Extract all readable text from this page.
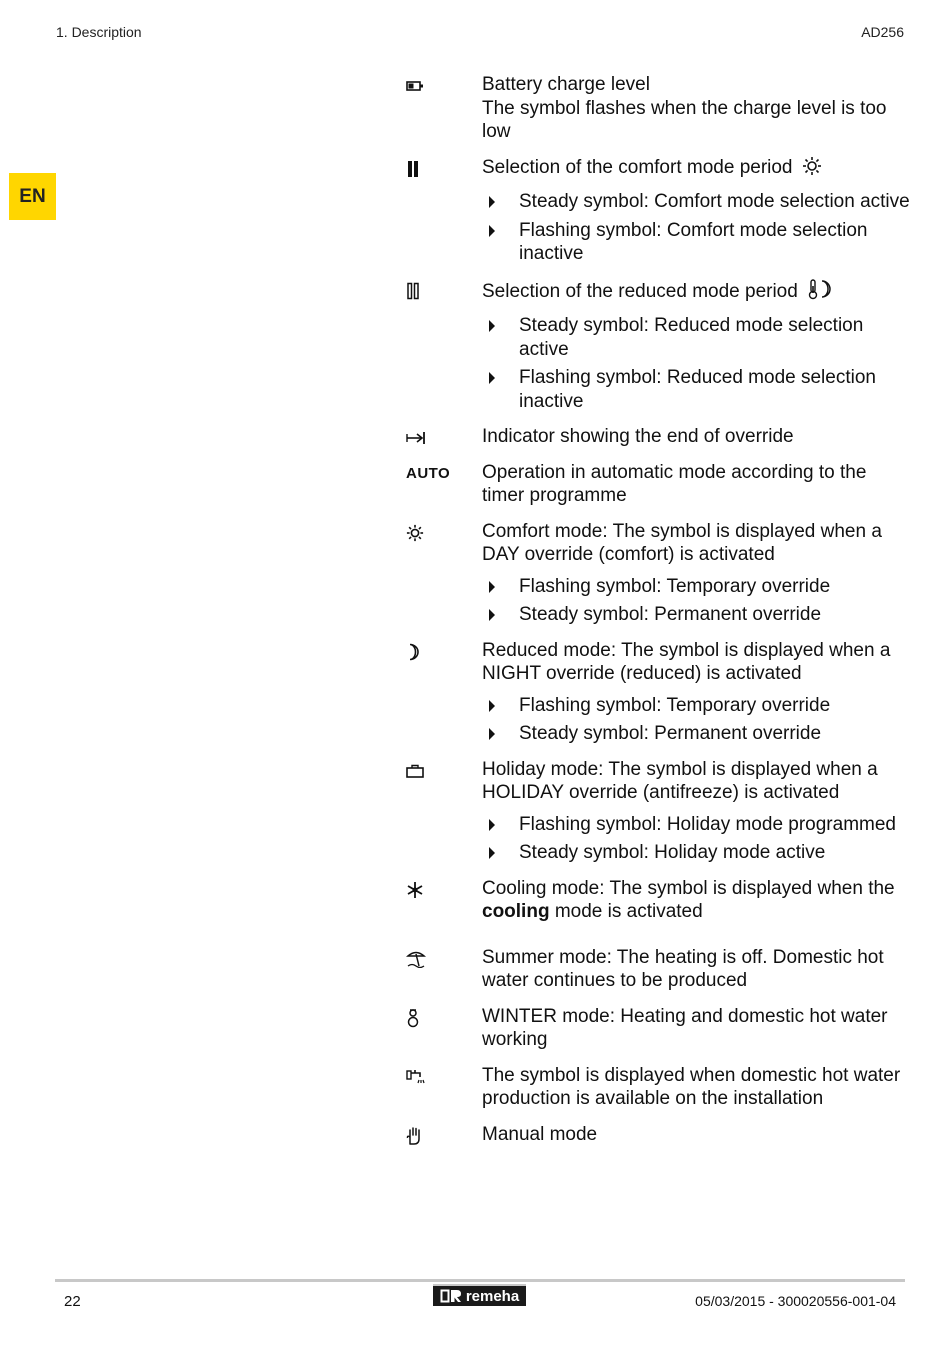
1. Description	AD256
EN
Battery charge level
The symbol flashes when the charge level is too low
Selection of the comfort mode period
Steady symbol: Comfort mode selection active
Flashing symbol: Comfort mode selection inactive
Selection of the reduced mode period
Steady symbol: Reduced mode selection active
Flashing symbol: Reduced mode selection inactive
Indicator showing the end of override
AUTO	Operation in automatic mode according to the timer programme
Comfort mode: The symbol is displayed when a DAY override (comfort) is activated
Flashing symbol: Temporary override
Steady symbol: Permanent override
Reduced mode: The symbol is displayed when a NIGHT override (reduced) is activated
Flashing symbol: Temporary override
Steady symbol: Permanent override
Holiday mode: The symbol is displayed when a HOLIDAY override (antifreeze) is activated
Flashing symbol: Holiday mode programmed
Steady symbol: Holiday mode active
Cooling mode: The symbol is displayed when the cooling mode is activated
Summer mode: The heating is off. Domestic hot water continues to be produced
WINTER mode: Heating and domestic hot water working
The symbol is displayed when domestic hot water production is available on the installation
Manual mode
22	remeha	05/03/2015 - 300020556-001-04
